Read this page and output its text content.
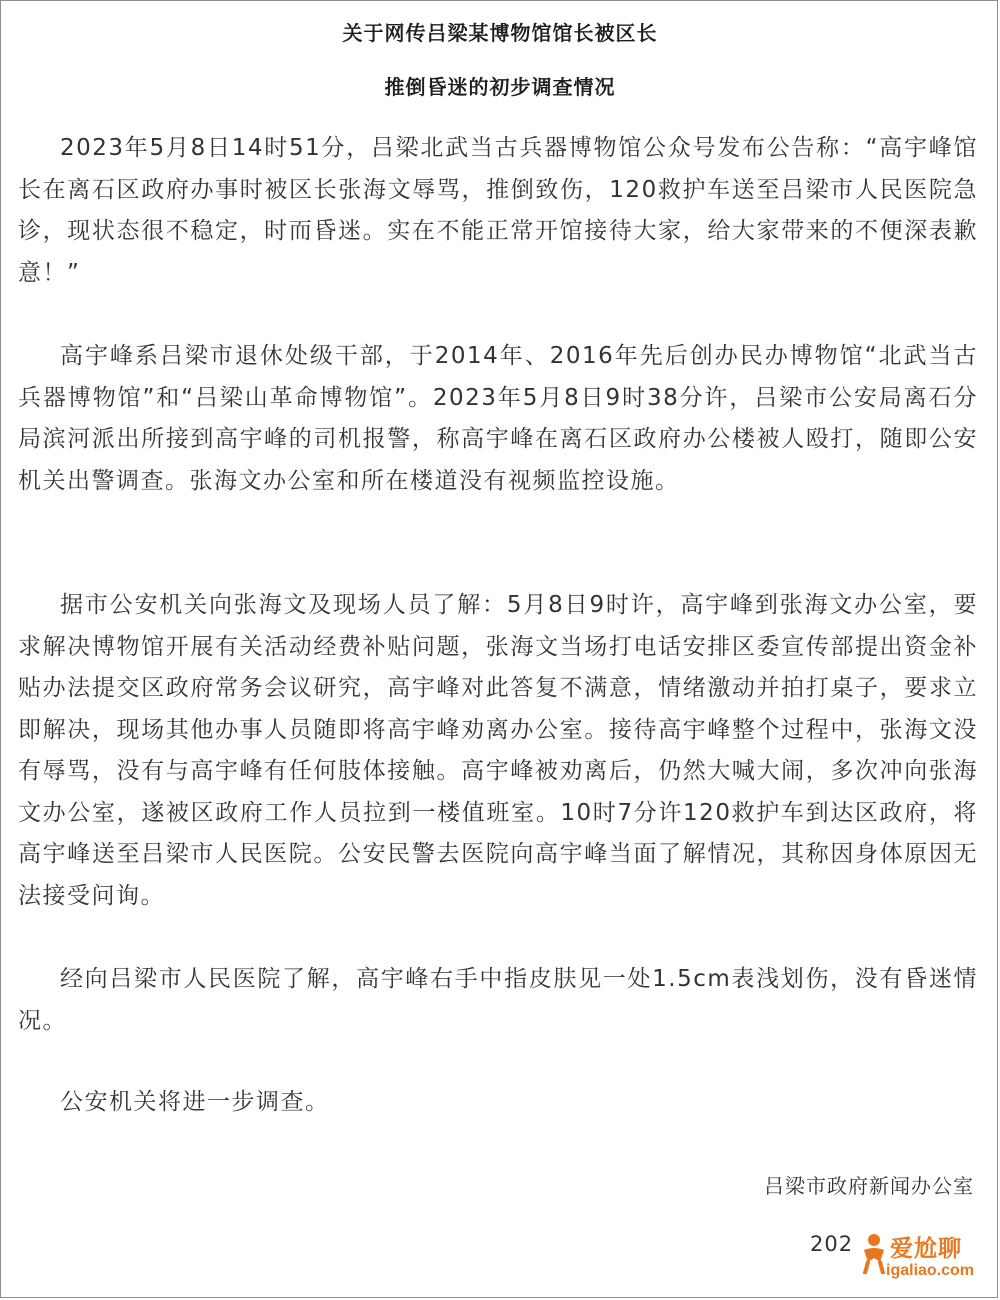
关于网传吕梁某博物馆馆长被区长
推倒昏迷的初步调查情况

2023年5月8日14时51分，吕梁北武当古兵器博物馆公众号发布公告称：“高宇峰馆长在离石区政府办事时被区长张海文辱骂，推倒致伤，120救护车送至吕梁市人民医院急诊，现状态很不稳定，时而昏迷。实在不能正常开馆接待大家，给大家带来的不便深表歉意！”

高宇峰系吕梁市退休处级干部，于2014年、2016年先后创办民办博物馆“北武当古兵器博物馆”和“吕梁山革命博物馆”。2023年5月8日9时38分许，吕梁市公安局离石分局滨河派出所接到高宇峰的司机报警，称高宇峰在离石区政府办公楼被人殴打，随即公安机关出警调查。张海文办公室和所在楼道没有视频监控设施。

据市公安机关向张海文及现场人员了解：5月8日9时许，高宇峰到张海文办公室，要求解决博物馆开展有关活动经费补贴问题，张海文当场打电话安排区委宣传部提出资金补贴办法提交区政府常务会议研究，高宇峰对此答复不满意，情绪激动并拍打桌子，要求立即解决，现场其他办事人员随即将高宇峰劝离办公室。接待高宇峰整个过程中，张海文没有辱骂，没有与高宇峰有任何肢体接触。高宇峰被劝离后，仍然大喊大闹，多次冲向张海文办公室，遂被区政府工作人员拉到一楼值班室。10时7分许120救护车到达区政府，将高宇峰送至吕梁市人民医院。公安民警去医院向高宇峰当面了解情况，其称因身体原因无法接受问询。

经向吕梁市人民医院了解，高宇峰右手中指皮肤见一处1.5cm表浅划伤，没有昏迷情况。

公安机关将进一步调查。

吕梁市政府新闻办公室
202 爱尬聊
igaliao.com
